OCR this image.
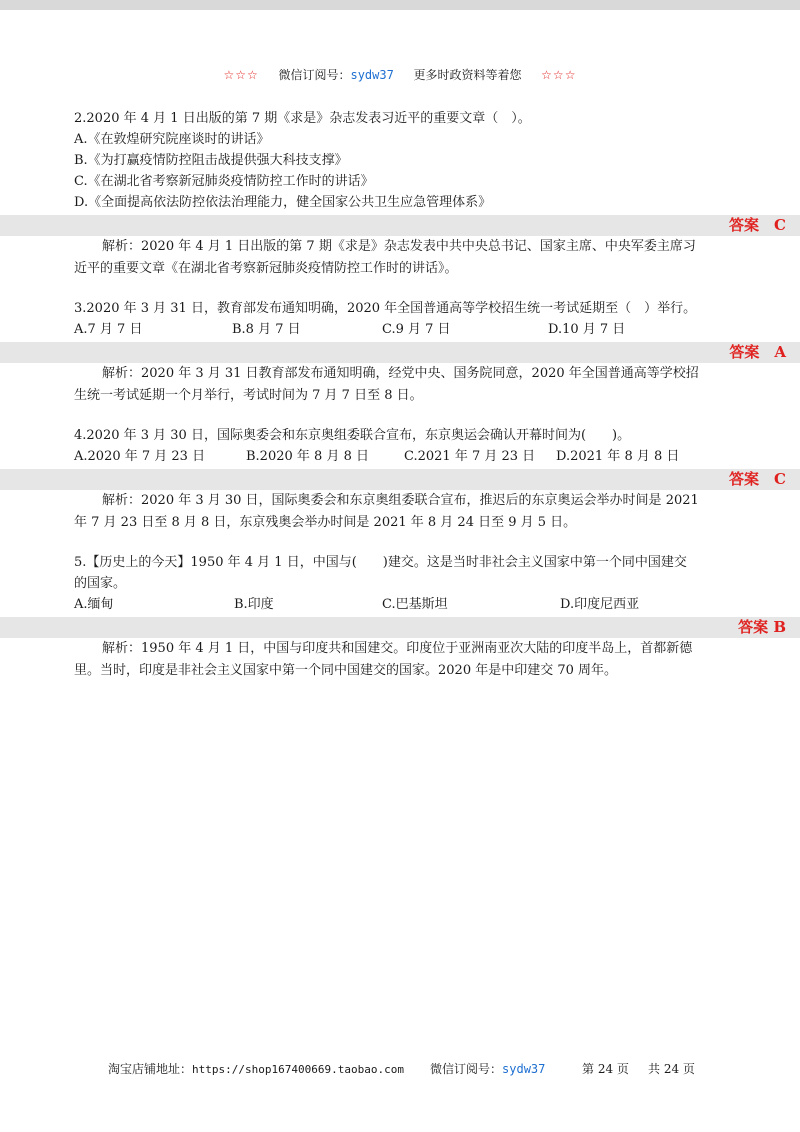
☆☆☆ 微信订阅号：sydw37 更多时政资料等着您 ☆☆☆
2.2020 年 4 月 1 日出版的第 7 期《求是》杂志发表习近平的重要文章（　）。
A.《在敦煌研究院座谈时的讲话》
B.《为打赢疫情防控阻击战提供强大科技支撑》
C.《在湖北省考察新冠肺炎疫情防控工作时的讲话》
D.《全面提高依法防控依法治理能力，健全国家公共卫生应急管理体系》
答案　C
解析：2020 年 4 月 1 日出版的第 7 期《求是》杂志发表中共中央总书记、国家主席、中央军委主席习
近平的重要文章《在湖北省考察新冠肺炎疫情防控工作时的讲话》。
3.2020 年 3 月 31 日，教育部发布通知明确，2020 年全国普通高等学校招生统一考试延期至（　）举行。
A.7 月 7 日	B.8 月 7 日	C.9 月 7 日	D.10 月 7 日
答案　A
解析：2020 年 3 月 31 日教育部发布通知明确，经党中央、国务院同意，2020 年全国普通高等学校招
生统一考试延期一个月举行，考试时间为 7 月 7 日至 8 日。
4.2020 年 3 月 30 日，国际奥委会和东京奥组委联合宣布，东京奥运会确认开幕时间为(　　)。
A.2020 年 7 月 23 日	B.2020 年 8 月 8 日	C.2021 年 7 月 23 日	D.2021 年 8 月 8 日
答案　C
解析：2020 年 3 月 30 日，国际奥委会和东京奥组委联合宣布，推迟后的东京奥运会举办时间是 2021
年 7 月 23 日至 8 月 8 日，东京残奥会举办时间是 2021 年 8 月 24 日至 9 月 5 日。
5.【历史上的今天】1950 年 4 月 1 日，中国与(　　)建交。这是当时非社会主义国家中第一个同中国建交
的国家。
A.缅甸	B.印度	C.巴基斯坦	D.印度尼西亚
答案 B
解析：1950 年 4 月 1 日，中国与印度共和国建交。印度位于亚洲南亚次大陆的印度半岛上，首都新德
里。当时，印度是非社会主义国家中第一个同中国建交的国家。2020 年是中印建交 70 周年。
淘宝店铺地址：https://shop167400669.taobao.com 微信订阅号：sydw37	第 24 页 共 24 页
